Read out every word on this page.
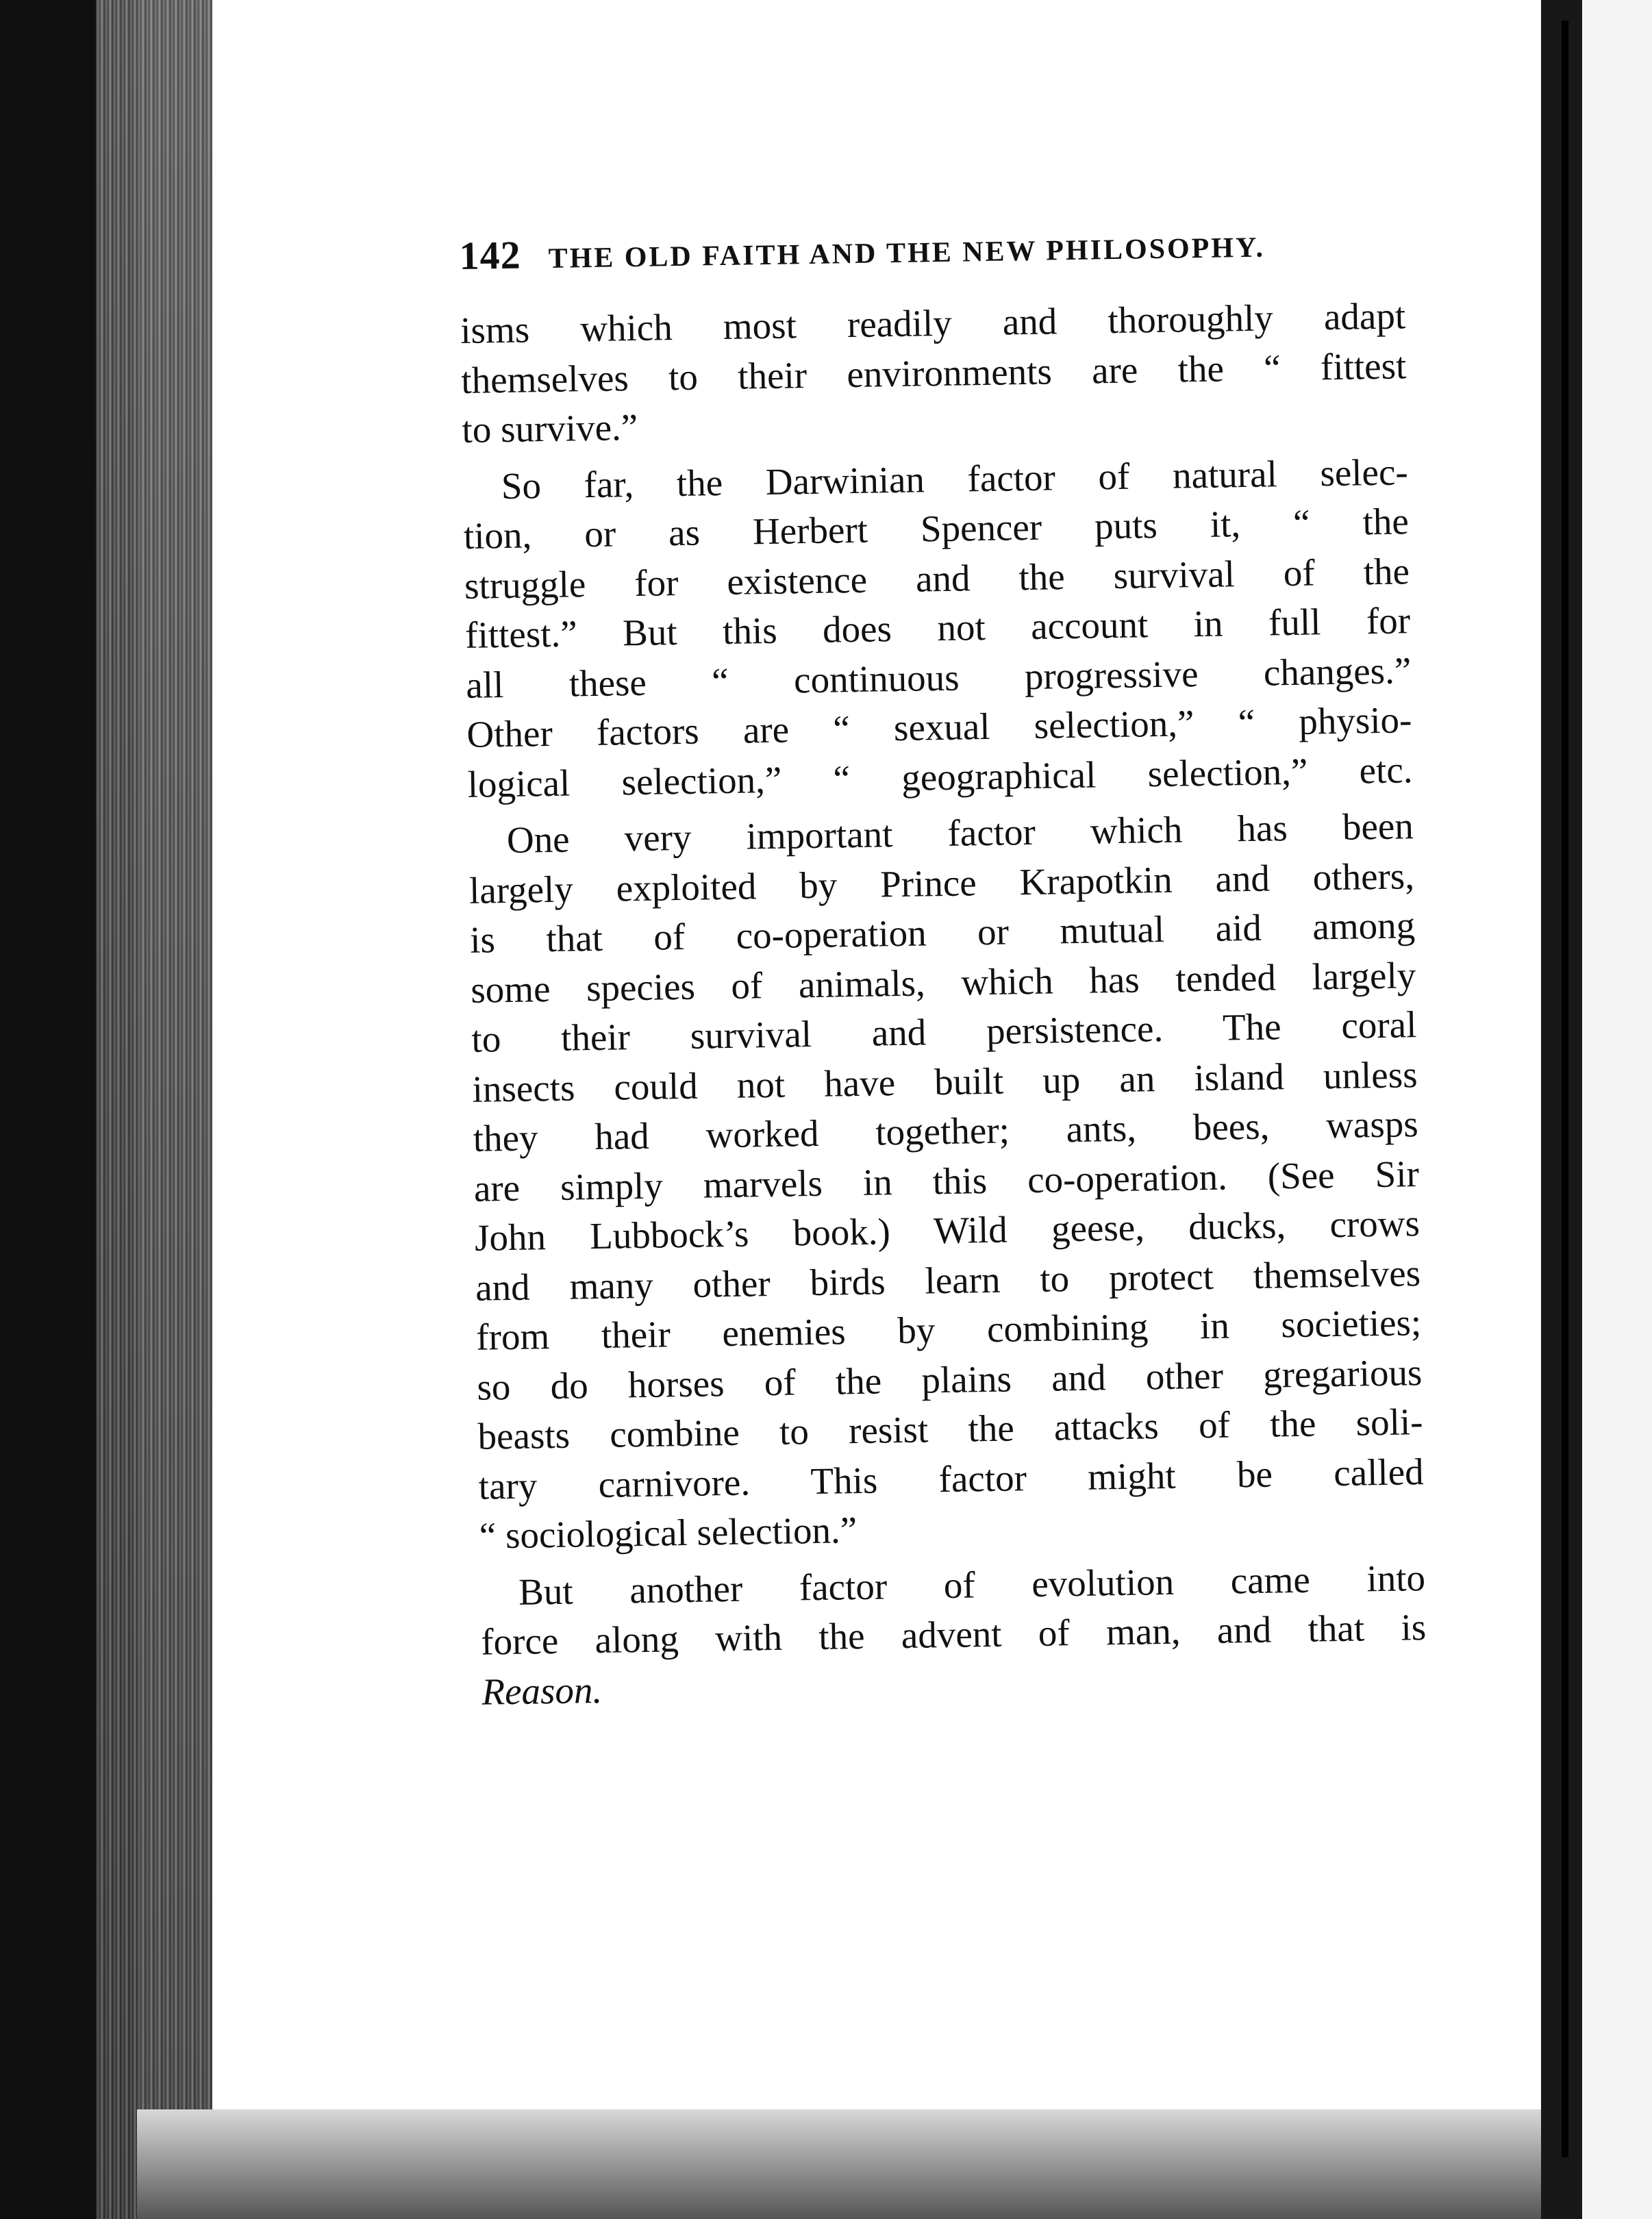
142 THE OLD FAITH AND THE NEW PHILOSOPHY.

isms which most readily and thoroughly adapt
themselves to their environments are the “ fittest
to survive.”

So far, the Darwinian factor of natural selec-
tion, or as Herbert Spencer puts it, “ the
struggle for existence and the survival of the
fittest.” But this does not account in full for
all these “ continuous progressive changes.”
Other factors are “ sexual selection,” “ physio-
logical selection,” “ geographical selection,” etc.

One very important factor which has been
largely exploited by Prince Krapotkin and others,
is that of co-operation or mutual aid among
some species of animals, which has tended largely
to their survival and persistence. The coral
insects could not have built up an island unless
they had worked together; ants, bees, wasps
are simply marvels in this co-operation. (See Sir
John Lubbock’s book.) Wild geese, ducks, crows
and many other birds learn to protect themselves
from their enemies by combining in societies;
so do horses of the plains and other gregarious
beasts combine to resist the attacks of the soli-
tary carnivore. This factor might be called
“ sociological selection.”

But another factor of evolution came into
force along with the advent of man, and that is
Reason.
